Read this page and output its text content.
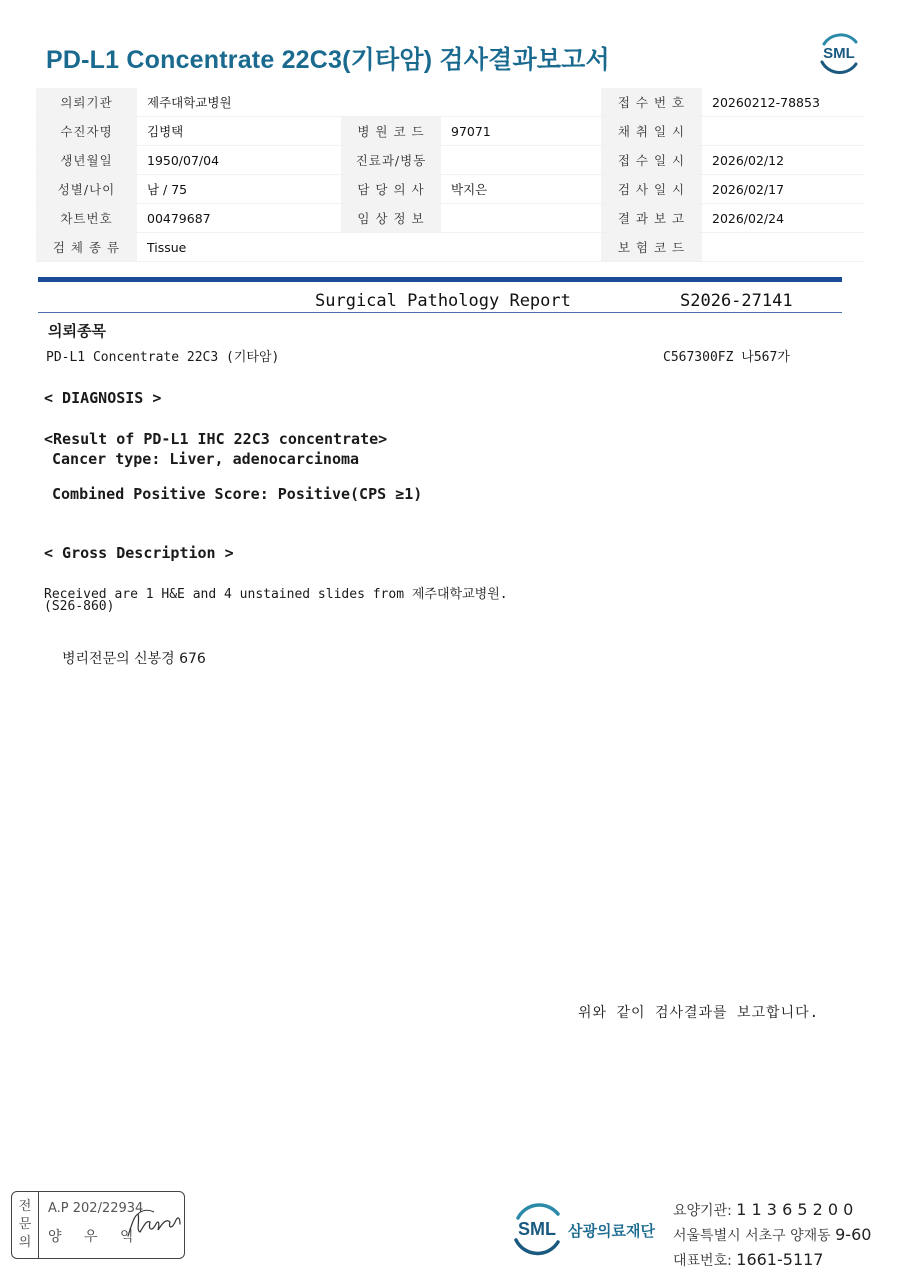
PD-L1 Concentrate 22C3(기타암) 검사결과보고서	SML
의뢰기관	제주대학교병원			접 수 번 호	20260212-78853
수진자명	김병택	병 원 코 드	97071	채 취 일 시	
생년월일	1950/07/04	진료과/병동		접 수 일 시	2026/02/12
성별/나이	남 / 75	담 당 의 사	박지은	검 사 일 시	2026/02/17
차트번호	00479687	임 상 정 보		결 과 보 고	2026/02/24
검 체 종 류	Tissue			보 험 코 드	
Surgical Pathology Report	S2026-27141
의뢰종목
PD-L1 Concentrate 22C3 (기타암)	C567300FZ 나567가
< DIAGNOSIS >
<Result of PD-L1 IHC 22C3 concentrate>
Cancer type: Liver, adenocarcinoma
Combined Positive Score: Positive(CPS ≥1)
< Gross Description >
Received are 1 H&E and 4 unstained slides from 제주대학교병원.
(S26-860)
병리전문의 신봉경 676
위와 같이 검사결과를 보고합니다.
전
문
의
A.P 202/22934
양 우 익	SML 삼광의료재단
요양기관: 1 1 3 6 5 2 0 0
서울특별시 서초구 양재동 9-60
대표번호: 1661-5117
